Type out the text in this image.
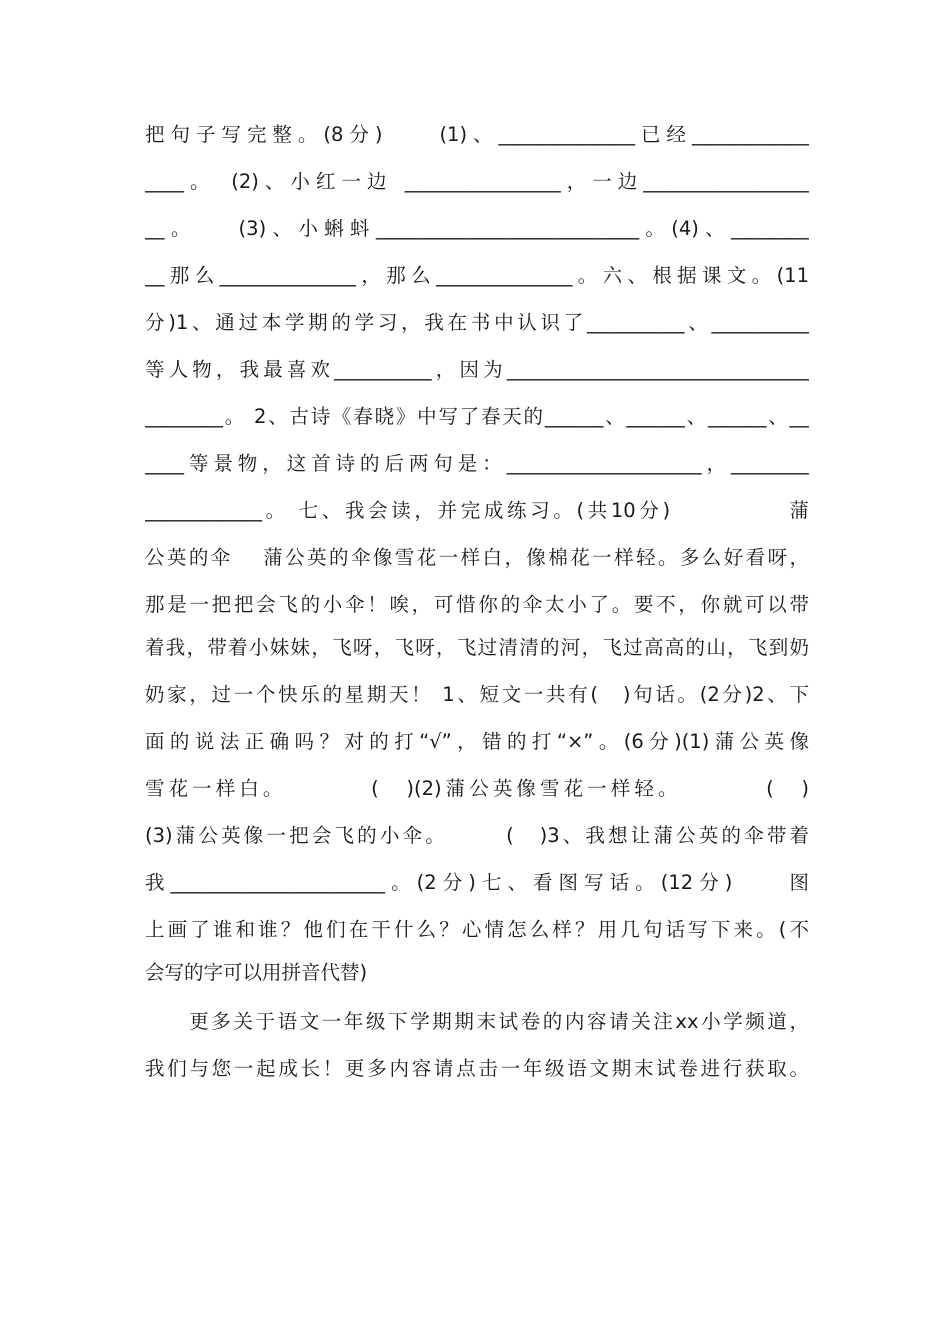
把句子写完整。(8分)　　(1)、______________已经____________
____。　(2)、小红一边 ________________，一边_________________
__。　　(3)、小蝌蚪___________________________。(4)、________
__那么______________，那么______________。六、根据课文。(11
分)1、通过本学期的学习，我在书中认识了__________、__________
等人物，我最喜欢__________，因为_______________________________
________。 2、古诗《春晓》中写了春天的______、______、______、__
____等景物，这首诗的后两句是：____________________，________
____________。 七、我会读，并完成练习。(共10分)　　　　　蒲
公英的伞　 蒲公英的伞像雪花一样白，像棉花一样轻。多么好看呀，
那是一把把会飞的小伞！唉，可惜你的伞太小了。要不，你就可以带
着我，带着小妹妹，飞呀，飞呀，飞过清清的河，飞过高高的山，飞到奶
奶家，过一个快乐的星期天！ 1、短文一共有(　)句话。(2分)2、下
面的说法正确吗？对的打“√”，错的打“×”。(6分)(1)蒲公英像
雪花一样白。　　　　(　)(2)蒲公英像雪花一样轻。　　　　(　)
(3)蒲公英像一把会飞的小伞。　　　(　)3、我想让蒲公英的伞带着
我______________________。(2分)七、看图写话。(12分)　　图
上画了谁和谁？他们在干什么？心情怎么样？用几句话写下来。(不
会写的字可以用拼音代替)
　　更多关于语文一年级下学期期末试卷的内容请关注xx小学频道，
我们与您一起成长！更多内容请点击一年级语文期末试卷进行获取。
